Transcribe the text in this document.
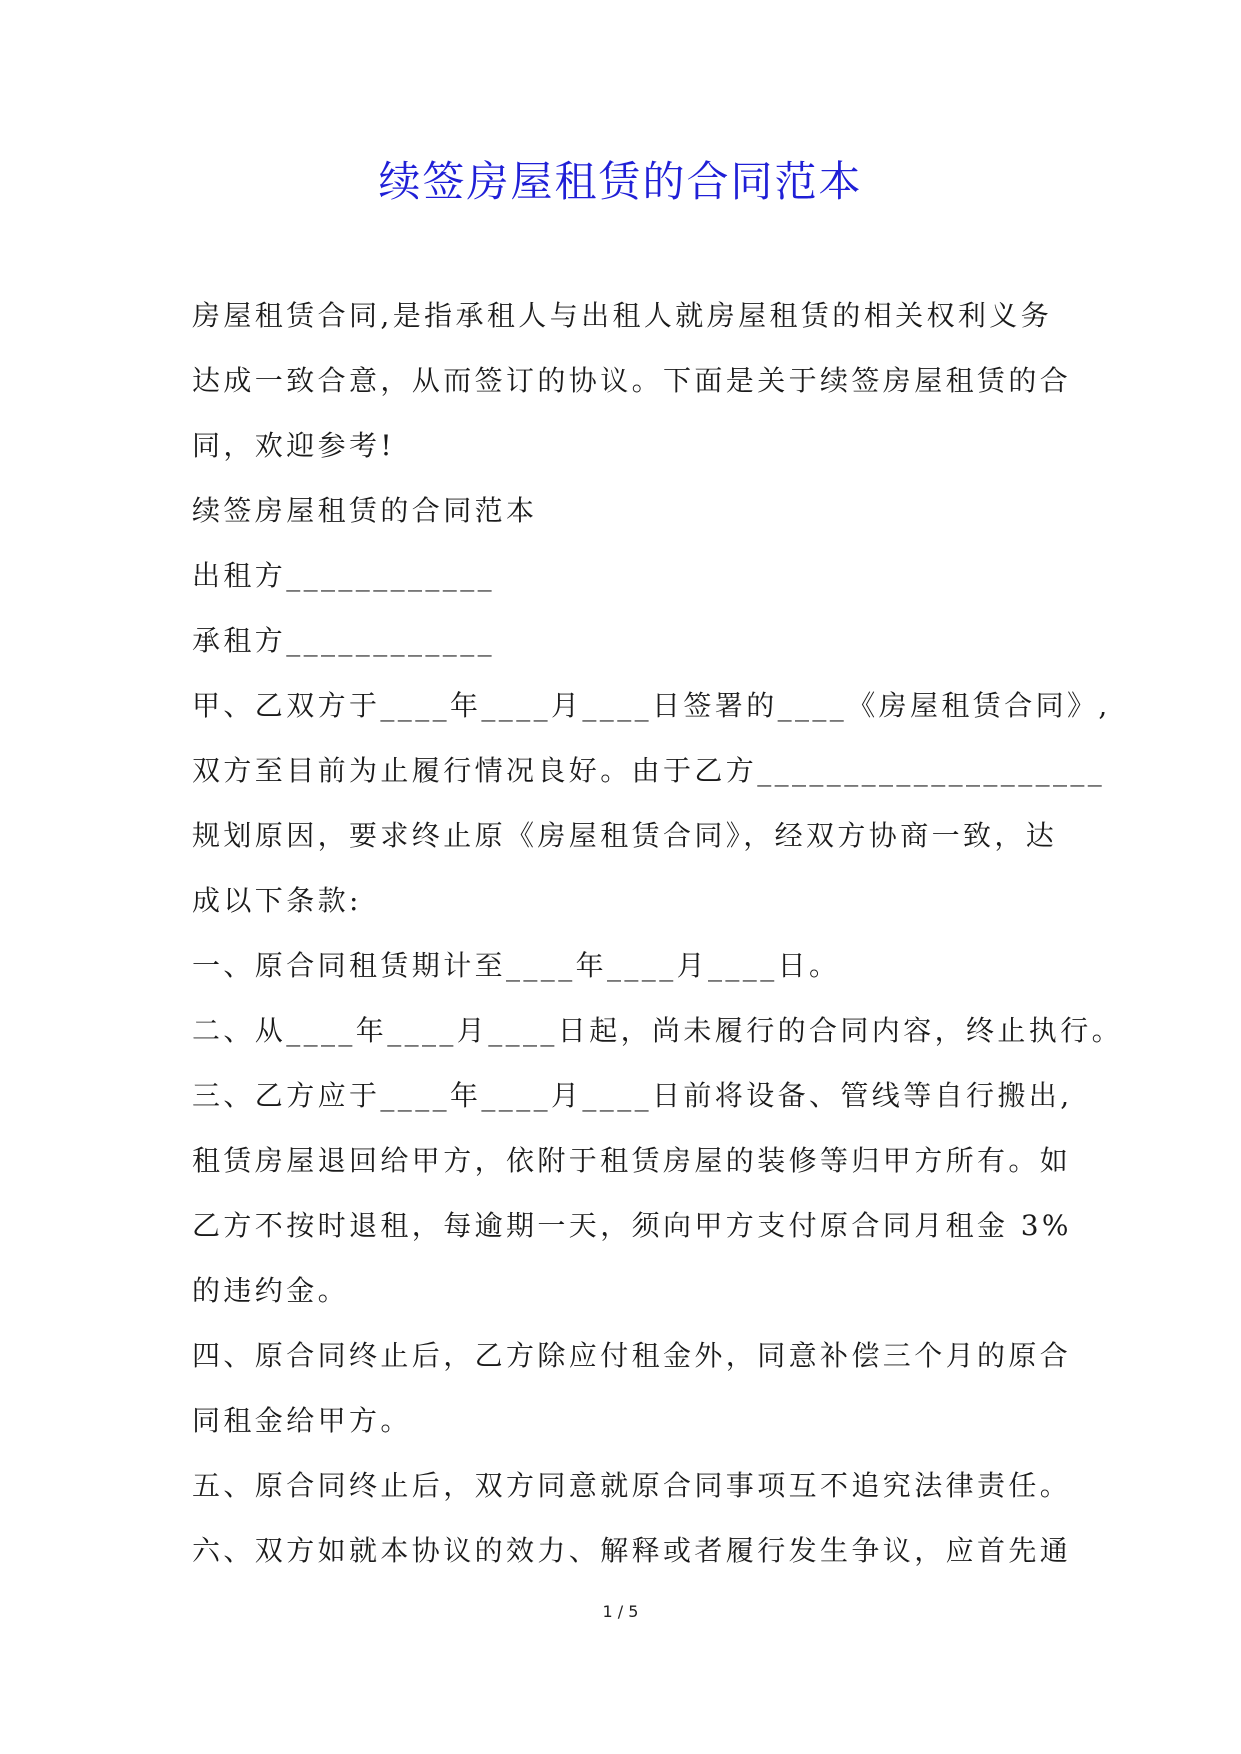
续签房屋租赁的合同范本

房屋租赁合同,是指承租人与出租人就房屋租赁的相关权利义务

达成一致合意，从而签订的协议。下面是关于续签房屋租赁的合

同，欢迎参考!

续签房屋租赁的合同范本

出租方____________

承租方____________

甲、乙双方于____年____月____日签署的____《房屋租赁合同》,

双方至目前为止履行情况良好。由于乙方____________________

规划原因，要求终止原《房屋租赁合同》，经双方协商一致，达

成以下条款:

一、原合同租赁期计至____年____月____日。

二、从____年____月____日起，尚未履行的合同内容，终止执行。

三、乙方应于____年____月____日前将设备、管线等自行搬出,

租赁房屋退回给甲方，依附于租赁房屋的装修等归甲方所有。如

乙方不按时退租，每逾期一天，须向甲方支付原合同月租金 3%

的违约金。

四、原合同终止后，乙方除应付租金外，同意补偿三个月的原合

同租金给甲方。

五、原合同终止后，双方同意就原合同事项互不追究法律责任。

六、双方如就本协议的效力、解释或者履行发生争议，应首先通

1 / 5
